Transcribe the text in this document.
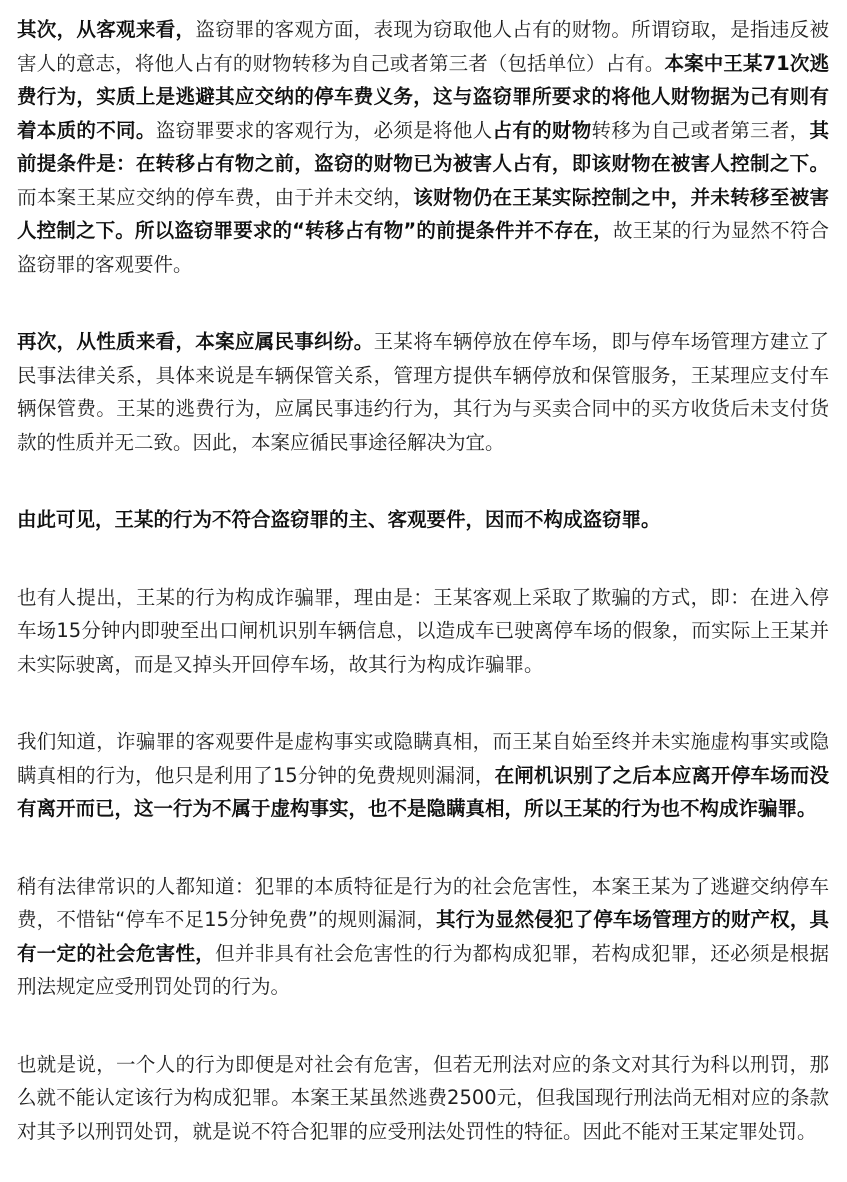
其次，从客观来看，盗窃罪的客观方面，表现为窃取他人占有的财物。所谓窃取，是指违反被害人的意志，将他人占有的财物转移为自己或者第三者（包括单位）占有。本案中王某71次逃费行为，实质上是逃避其应交纳的停车费义务，这与盗窃罪所要求的将他人财物据为己有则有着本质的不同。盗窃罪要求的客观行为，必须是将他人占有的财物转移为自己或者第三者，其前提条件是：在转移占有物之前，盗窃的财物已为被害人占有，即该财物在被害人控制之下。而本案王某应交纳的停车费，由于并未交纳，该财物仍在王某实际控制之中，并未转移至被害人控制之下。所以盗窃罪要求的“转移占有物”的前提条件并不存在，故王某的行为显然不符合盗窃罪的客观要件。

再次，从性质来看，本案应属民事纠纷。王某将车辆停放在停车场，即与停车场管理方建立了民事法律关系，具体来说是车辆保管关系，管理方提供车辆停放和保管服务，王某理应支付车辆保管费。王某的逃费行为，应属民事违约行为，其行为与买卖合同中的买方收货后未支付货款的性质并无二致。因此，本案应循民事途径解决为宜。

由此可见，王某的行为不符合盗窃罪的主、客观要件，因而不构成盗窃罪。

也有人提出，王某的行为构成诈骗罪，理由是：王某客观上采取了欺骗的方式，即：在进入停车场15分钟内即驶至出口闸机识别车辆信息，以造成车已驶离停车场的假象，而实际上王某并未实际驶离，而是又掉头开回停车场，故其行为构成诈骗罪。

我们知道，诈骗罪的客观要件是虚构事实或隐瞒真相，而王某自始至终并未实施虚构事实或隐瞒真相的行为，他只是利用了15分钟的免费规则漏洞，在闸机识别了之后本应离开停车场而没有离开而已，这一行为不属于虚构事实，也不是隐瞒真相，所以王某的行为也不构成诈骗罪。

稍有法律常识的人都知道：犯罪的本质特征是行为的社会危害性，本案王某为了逃避交纳停车费，不惜钻“停车不足15分钟免费”的规则漏洞，其行为显然侵犯了停车场管理方的财产权，具有一定的社会危害性，但并非具有社会危害性的行为都构成犯罪，若构成犯罪，还必须是根据刑法规定应受刑罚处罚的行为。

也就是说，一个人的行为即便是对社会有危害，但若无刑法对应的条文对其行为科以刑罚，那么就不能认定该行为构成犯罪。本案王某虽然逃费2500元，但我国现行刑法尚无相对应的条款对其予以刑罚处罚，就是说不符合犯罪的应受刑法处罚性的特征。因此不能对王某定罪处罚。
